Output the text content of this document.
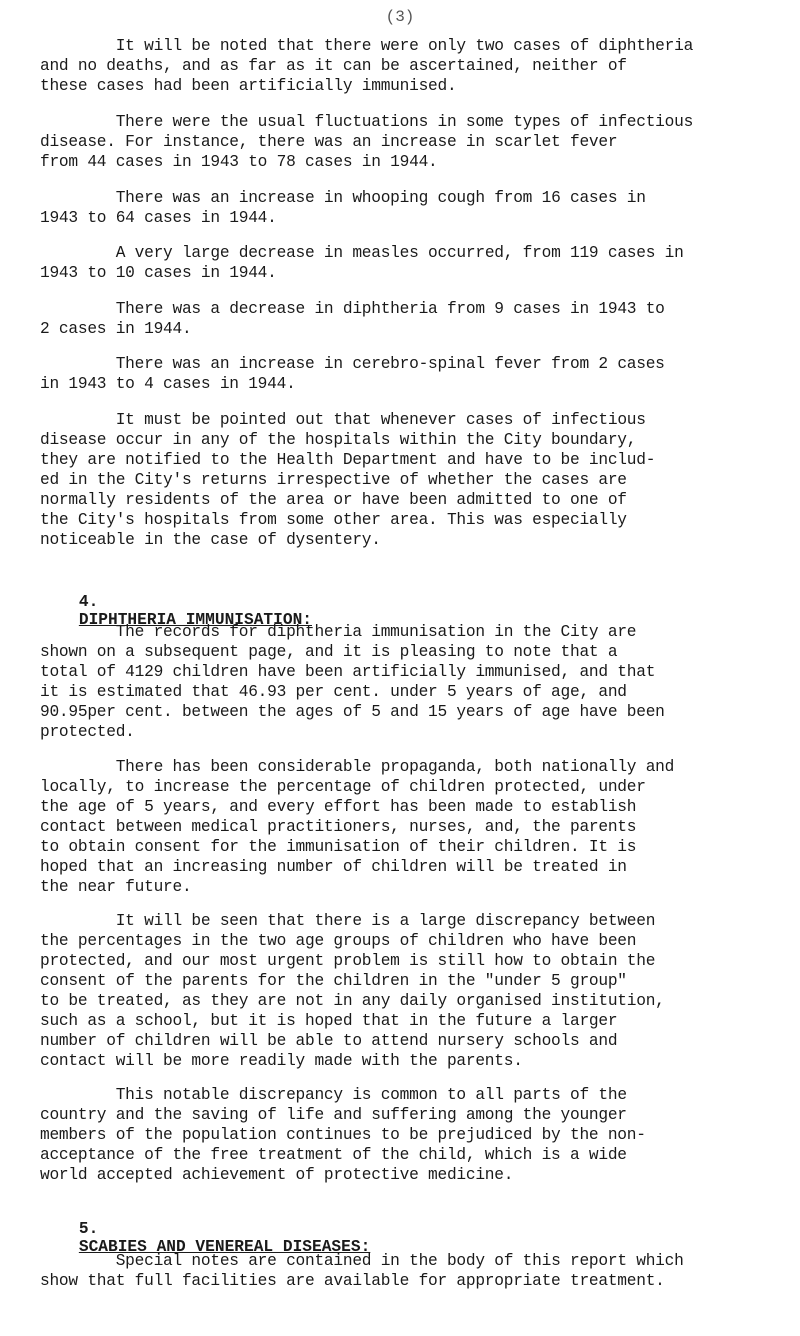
(3)

It will be noted that there were only two cases of diphtheria
and no deaths, and as far as it can be ascertained, neither of
these cases had been artificially immunised.

There were the usual fluctuations in some types of infectious
disease. For instance, there was an increase in scarlet fever
from 44 cases in 1943 to 78 cases in 1944.

There was an increase in whooping cough from 16 cases in
1943 to 64 cases in 1944.

A very large decrease in measles occurred, from 119 cases in
1943 to 10 cases in 1944.

There was a decrease in diphtheria from 9 cases in 1943 to
2 cases in 1944.

There was an increase in cerebro-spinal fever from 2 cases
in 1943 to 4 cases in 1944.

It must be pointed out that whenever cases of infectious
disease occur in any of the hospitals within the City boundary,
they are notified to the Health Department and have to be includ-
ed in the City's returns irrespective of whether the cases are
normally residents of the area or have been admitted to one of
the City's hospitals from some other area. This was especially
noticeable in the case of dysentery.

4.
DIPHTHERIA IMMUNISATION:

The records for diphtheria immunisation in the City are
shown on a subsequent page, and it is pleasing to note that a
total of 4129 children have been artificially immunised, and that
it is estimated that 46.93 per cent. under 5 years of age, and
90.95per cent. between the ages of 5 and 15 years of age have been
protected.

There has been considerable propaganda, both nationally and
locally, to increase the percentage of children protected, under
the age of 5 years, and every effort has been made to establish
contact between medical practitioners, nurses, and, the parents
to obtain consent for the immunisation of their children. It is
hoped that an increasing number of children will be treated in
the near future.

It will be seen that there is a large discrepancy between
the percentages in the two age groups of children who have been
protected, and our most urgent problem is still how to obtain the
consent of the parents for the children in the "under 5 group"
to be treated, as they are not in any daily organised institution,
such as a school, but it is hoped that in the future a larger
number of children will be able to attend nursery schools and
contact will be more readily made with the parents.

This notable discrepancy is common to all parts of the
country and the saving of life and suffering among the younger
members of the population continues to be prejudiced by the non-
acceptance of the free treatment of the child, which is a wide
world accepted achievement of protective medicine.

5.
SCABIES AND VENEREAL DISEASES:

Special notes are contained in the body of this report which
show that full facilities are available for appropriate treatment.
